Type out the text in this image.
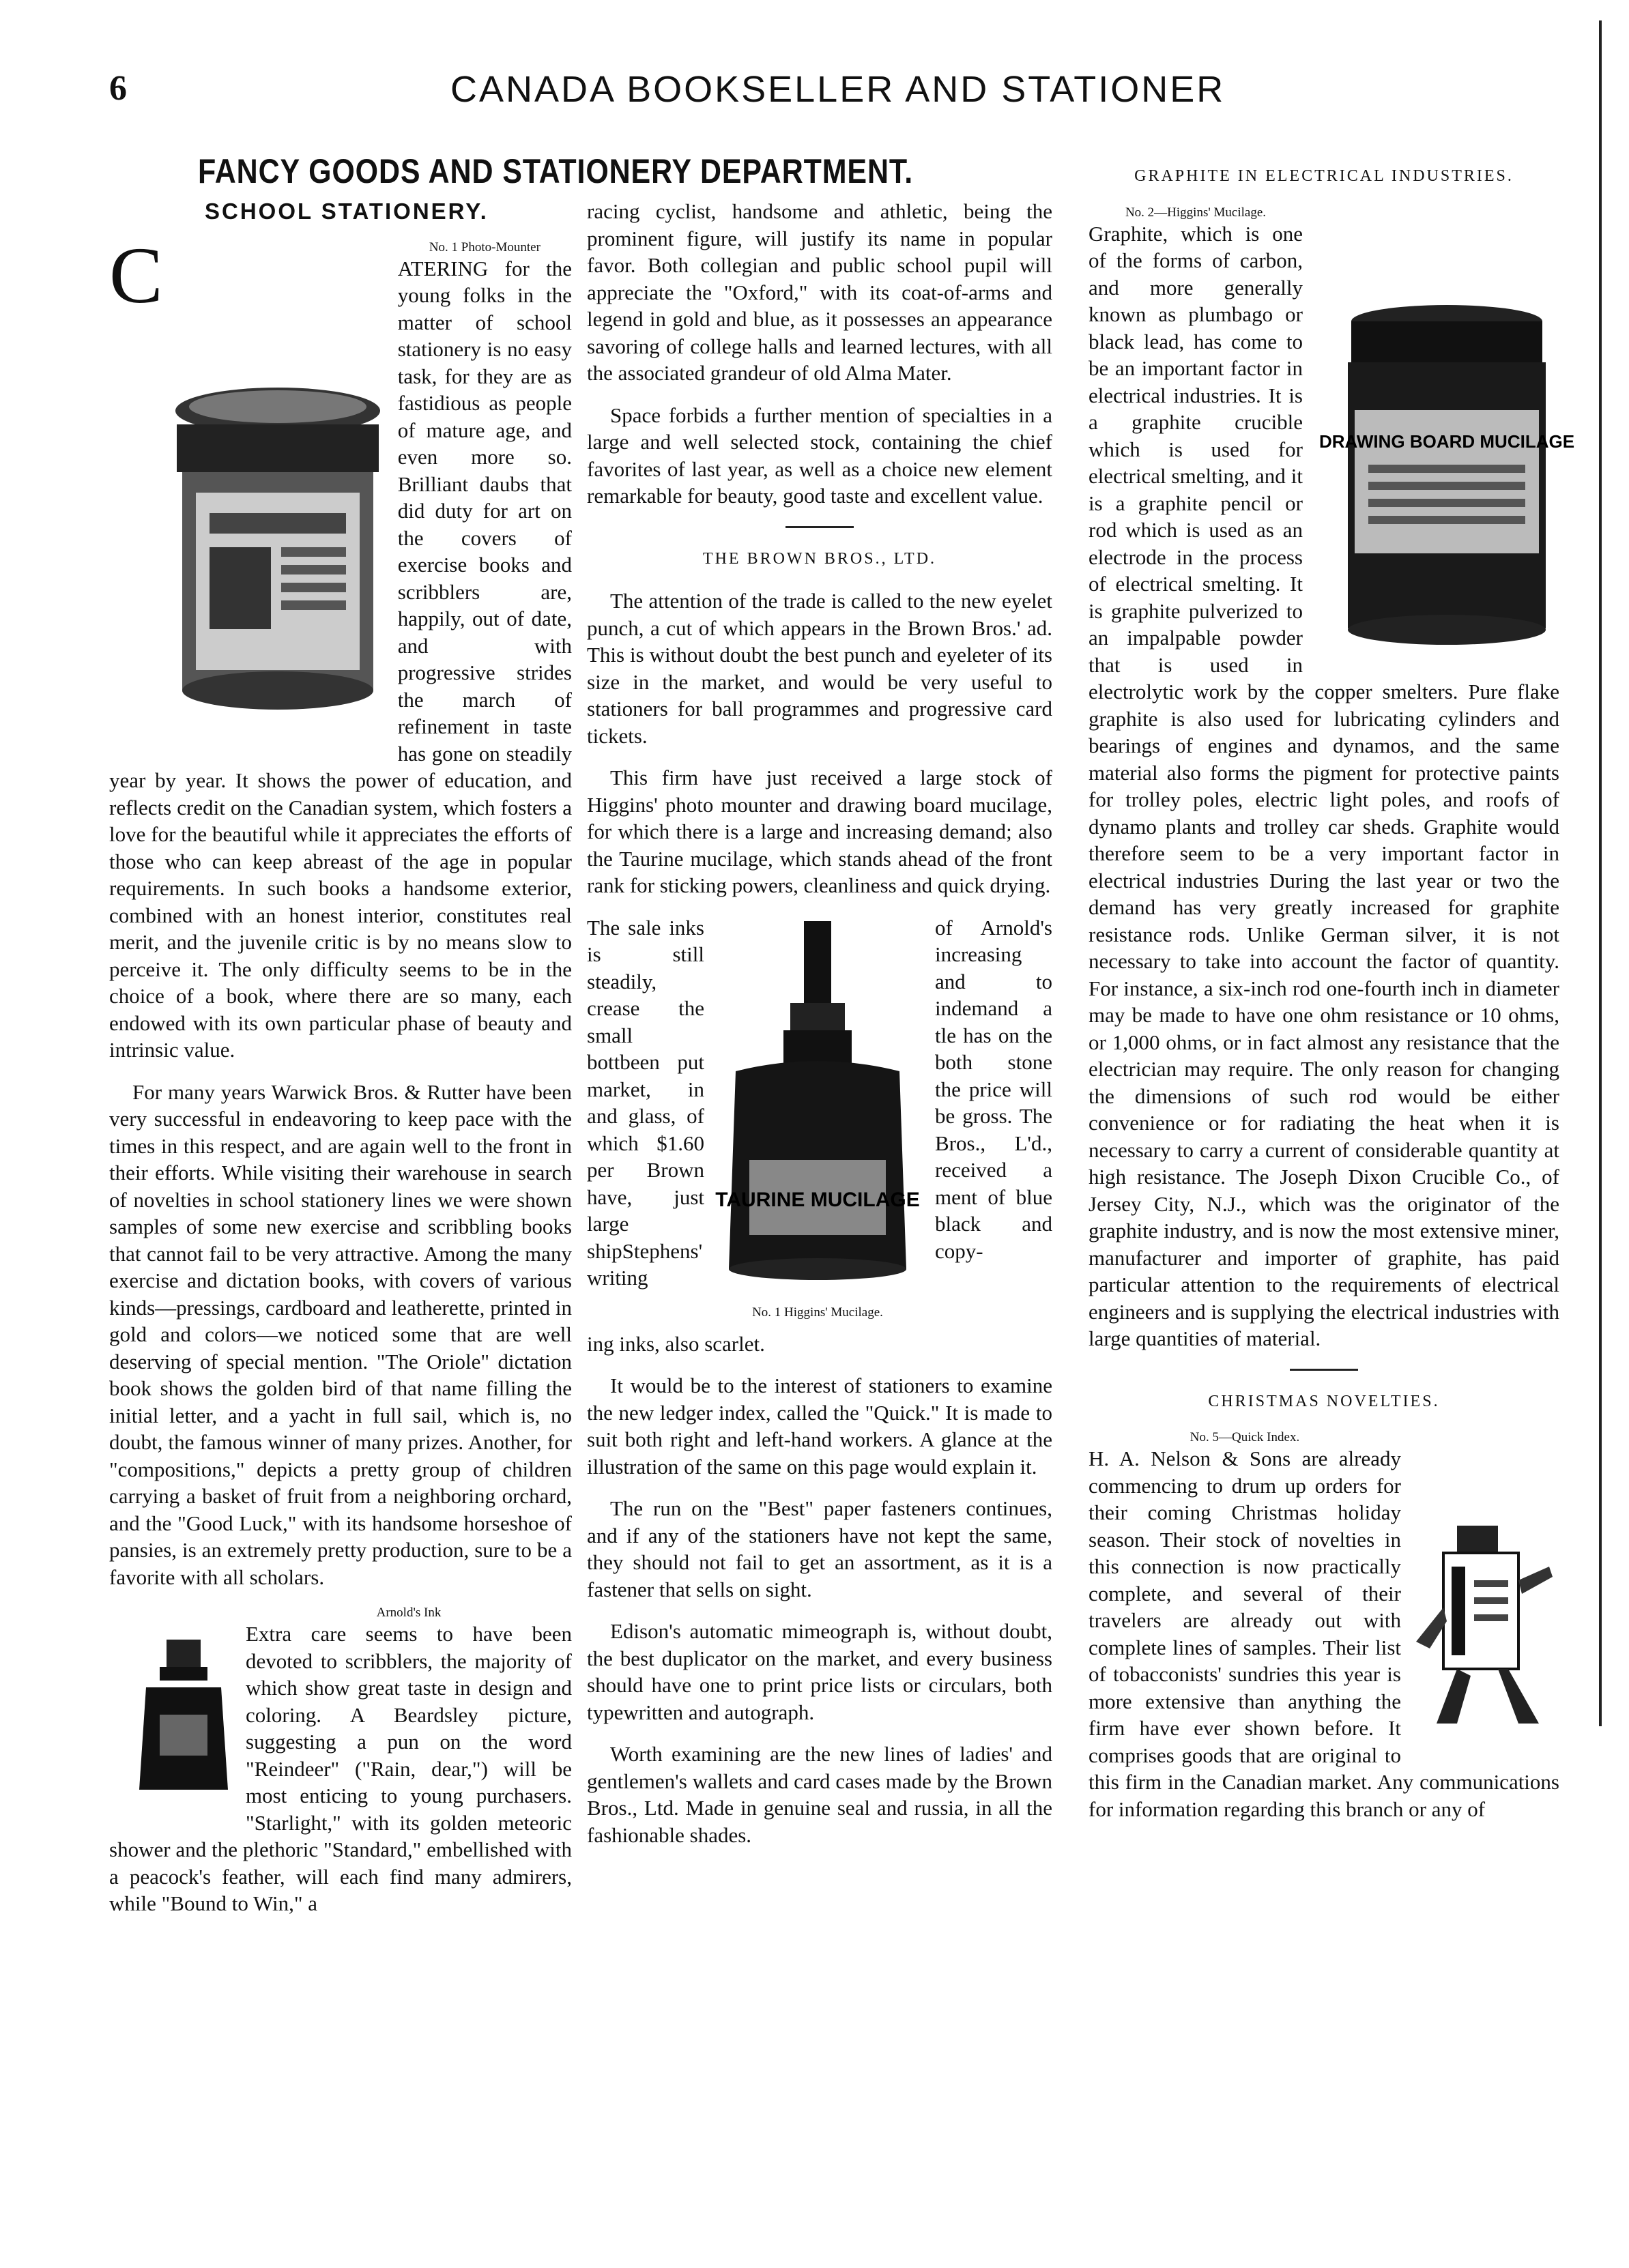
6	CANADA BOOKSELLER AND STATIONER
FANCY GOODS AND STATIONERY DEPARTMENT.
SCHOOL STATIONERY.

C	No. 1 Photo-Mounter
ATERING for the young folks in the matter of school stationery is no easy task, for they are as fastidious as people of mature age, and even more so. Brilliant daubs that did duty for art on the covers of exercise books and scribblers are, happily, out of date, and with progressive strides the march of refinement in taste has gone on steadily year by year. It shows the power of education, and reflects credit on the Canadian system, which fosters a love for the beautiful while it appreciates the efforts of those who can keep abreast of the age in popular requirements. In such books a handsome exterior, combined with an honest interior, constitutes real merit, and the juvenile critic is by no means slow to perceive it. The only difficulty seems to be in the choice of a book, where there are so many, each endowed with its own particular phase of beauty and intrinsic value.

For many years Warwick Bros. & Rutter have been very successful in endeavoring to keep pace with the times in this respect, and are again well to the front in their efforts. While visiting their warehouse in search of novelties in school stationery lines we were shown samples of some new exercise and scribbling books that cannot fail to be very attractive. Among the many exercise and dictation books, with covers of various kinds—pressings, cardboard and leatherette, printed in gold and colors—we noticed some that are well deserving of special mention. "The Oriole" dictation book shows the golden bird of that name filling the initial letter, and a yacht in full sail, which is, no doubt, the famous winner of many prizes. Another, for "compositions," depicts a pretty group of children carrying a basket of fruit from a neighboring orchard, and the "Good Luck," with its handsome horseshoe of pansies, is an extremely pretty production, sure to be a favorite with all scholars.

Arnold's Ink
Extra care seems to have been devoted to scribblers, the majority of which show great taste in design and coloring. A Beardsley picture, suggesting a pun on the word "Reindeer" ("Rain, dear,") will be most enticing to young purchasers. "Starlight," with its golden meteoric shower and the plethoric "Standard," embellished with a peacock's feather, will each find many admirers, while "Bound to Win," a

racing cyclist, handsome and athletic, being the prominent figure, will justify its name in popular favor. Both collegian and public school pupil will appreciate the "Oxford," with its coat-of-arms and legend in gold and blue, as it possesses an appearance savoring of college halls and learned lectures, with all the associated grandeur of old Alma Mater.

Space forbids a further mention of specialties in a large and well selected stock, containing the chief favorites of last year, as well as a choice new element remarkable for beauty, good taste and excellent value.

THE BROWN BROS., LTD.

The attention of the trade is called to the new eyelet punch, a cut of which appears in the Brown Bros.' ad. This is without doubt the best punch and eyeleter of its size in the market, and would be very useful to stationers for ball programmes and progressive card tickets.

This firm have just received a large stock of Higgins' photo mounter and drawing board mucilage, for which there is a large and increasing demand; also the Taurine mucilage, which stands ahead of the front rank for sticking powers, cleanliness and quick drying.

The sale inks is still steadily, crease the small bottbeen put market, in and glass, of which $1.60 per Brown have, just large shipStephens' writing
TAURINE MUCILAGE
No. 1 Higgins' Mucilage.
of Arnold's increasing and to indemand a tle has on the both stone the price will be gross. The Bros., L'd., received a ment of blue black and copy-

ing inks, also scarlet.

It would be to the interest of stationers to examine the new ledger index, called the "Quick." It is made to suit both right and left-hand workers. A glance at the illustration of the same on this page would explain it.

The run on the "Best" paper fasteners continues, and if any of the stationers have not kept the same, they should not fail to get an assortment, as it is a fastener that sells on sight.

Edison's automatic mimeograph is, without doubt, the best duplicator on the market, and every business should have one to print price lists or circulars, both typewritten and autograph.

Worth examining are the new lines of ladies' and gentlemen's wallets and card cases made by the Brown Bros., Ltd. Made in genuine seal and russia, in all the fashionable shades.

GRAPHITE IN ELECTRICAL INDUSTRIES.

DRAWING BOARD MUCILAGE

No. 2—Higgins' Mucilage.
Graphite, which is one of the forms of carbon, and more generally known as plumbago or black lead, has come to be an important factor in electrical industries. It is a graphite crucible which is used for electrical smelting, and it is a graphite pencil or rod which is used as an electrode in the process of electrical smelting. It is graphite pulverized to an impalpable powder that is used in electrolytic work by the copper smelters. Pure flake graphite is also used for lubricating cylinders and bearings of engines and dynamos, and the same material also forms the pigment for protective paints for trolley poles, electric light poles, and roofs of dynamo plants and trolley car sheds. Graphite would therefore seem to be a very important factor in electrical industries During the last year or two the demand has very greatly increased for graphite resistance rods. Unlike German silver, it is not necessary to take into account the factor of quantity. For instance, a six-inch rod one-fourth inch in diameter may be made to have one ohm resistance or 10 ohms, or 1,000 ohms, or in fact almost any resistance that the electrician may require. The only reason for changing the dimensions of such rod would be either convenience or for radiating the heat when it is necessary to carry a current of considerable quantity at high resistance. The Joseph Dixon Crucible Co., of Jersey City, N.J., which was the originator of the graphite industry, and is now the most extensive miner, manufacturer and importer of graphite, has paid particular attention to the requirements of electrical engineers and is supplying the electrical industries with large quantities of material.

CHRISTMAS NOVELTIES.

No. 5—Quick Index.
H. A. Nelson & Sons are already commencing to drum up orders for their coming Christmas holiday season. Their stock of novelties in this connection is now practically complete, and several of their travelers are already out with complete lines of samples. Their list of tobacconists' sundries this year is more extensive than anything the firm have ever shown before. It comprises goods that are original to this firm in the Canadian market. Any communications for information regarding this branch or any of
